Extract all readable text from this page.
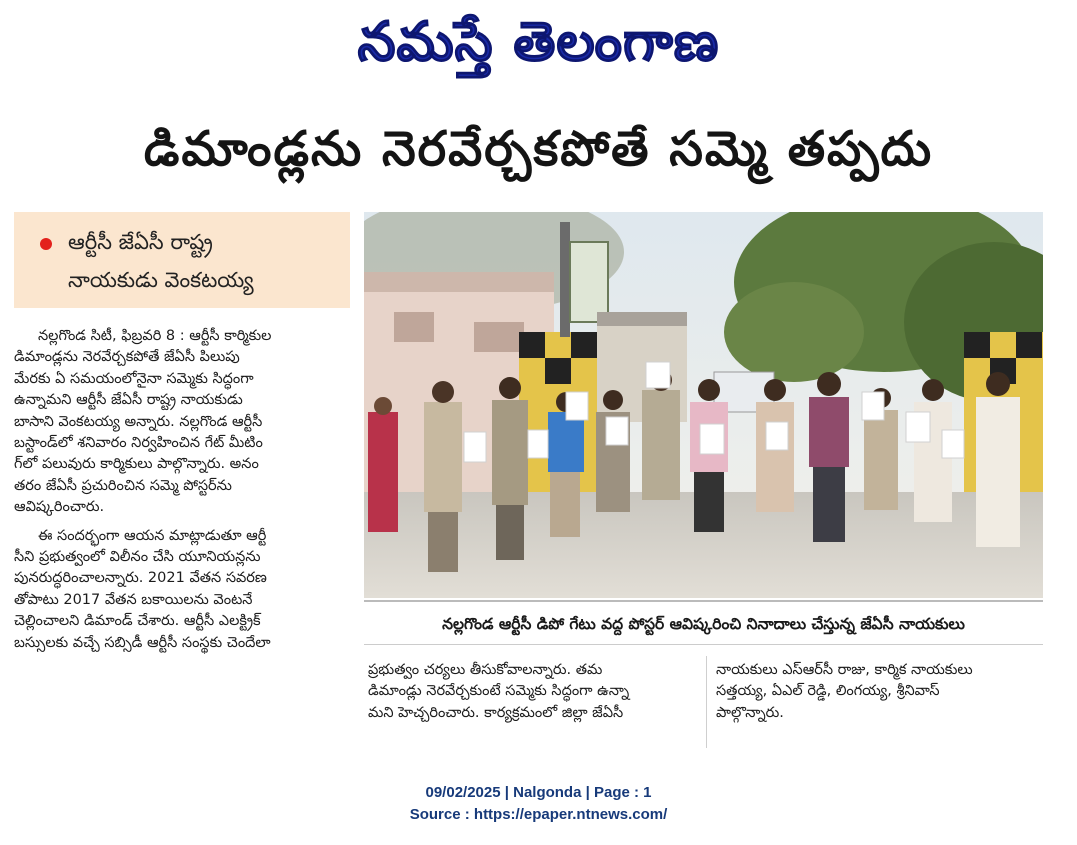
నమస్తే తెలంగాణ
డిమాండ్లను నెరవేర్చకపోతే సమ్మె తప్పదు
ఆర్టీసీ జేఏసీ రాష్ట్ర
నాయకుడు వెంకటయ్య
నల్లగొండ సిటీ, ఫిబ్రవరి 8 : ఆర్టీసీ కార్మికుల
డిమాండ్లను నెరవేర్చకపోతే జేఏసీ పిలుపు
మేరకు ఏ సమయంలోనైనా సమ్మెకు సిద్ధంగా
ఉన్నామని ఆర్టీసీ జేఏసీ రాష్ట్ర నాయకుడు
బాసాని వెంకటయ్య అన్నారు. నల్లగొండ ఆర్టీసీ
బస్టాండ్‌లో శనివారం నిర్వహించిన గేట్ మీటిం
గ్‌లో పలువురు కార్మికులు పాల్గొన్నారు. అనం
తరం జేఏసీ ప్రచురించిన సమ్మె పోస్టర్‌ను
ఆవిష్కరించారు.
ఈ సందర్భంగా ఆయన మాట్లాడుతూ ఆర్టీ
సీని ప్రభుత్వంలో విలీనం చేసి యూనియన్లను
పునరుద్ధరించాలన్నారు. 2021 వేతన సవరణ
తోపాటు 2017 వేతన బకాయిలను వెంటనే
చెల్లించాలని డిమాండ్ చేశారు. ఆర్టీసీ ఎలక్ట్రిక్
బస్సులకు వచ్చే సబ్సిడీ ఆర్టీసీ సంస్థకు చెందేలా
నల్లగొండ ఆర్టీసీ డిపో గేటు వద్ద పోస్టర్ ఆవిష్కరించి నినాదాలు చేస్తున్న జేఏసీ నాయకులు
ప్రభుత్వం చర్యలు తీసుకోవాలన్నారు. తమ
డిమాండ్లు నెరవేర్చకుంటే సమ్మెకు సిద్ధంగా ఉన్నా
మని హెచ్చరించారు. కార్యక్రమంలో జిల్లా జేఏసీ
నాయకులు ఎస్ఆర్‌సీ రాజు, కార్మిక నాయకులు
సత్తయ్య, ఏఎల్ రెడ్డి, లింగయ్య, శ్రీనివాస్
పాల్గొన్నారు.
09/02/2025 | Nalgonda | Page : 1
Source : https://epaper.ntnews.com/
